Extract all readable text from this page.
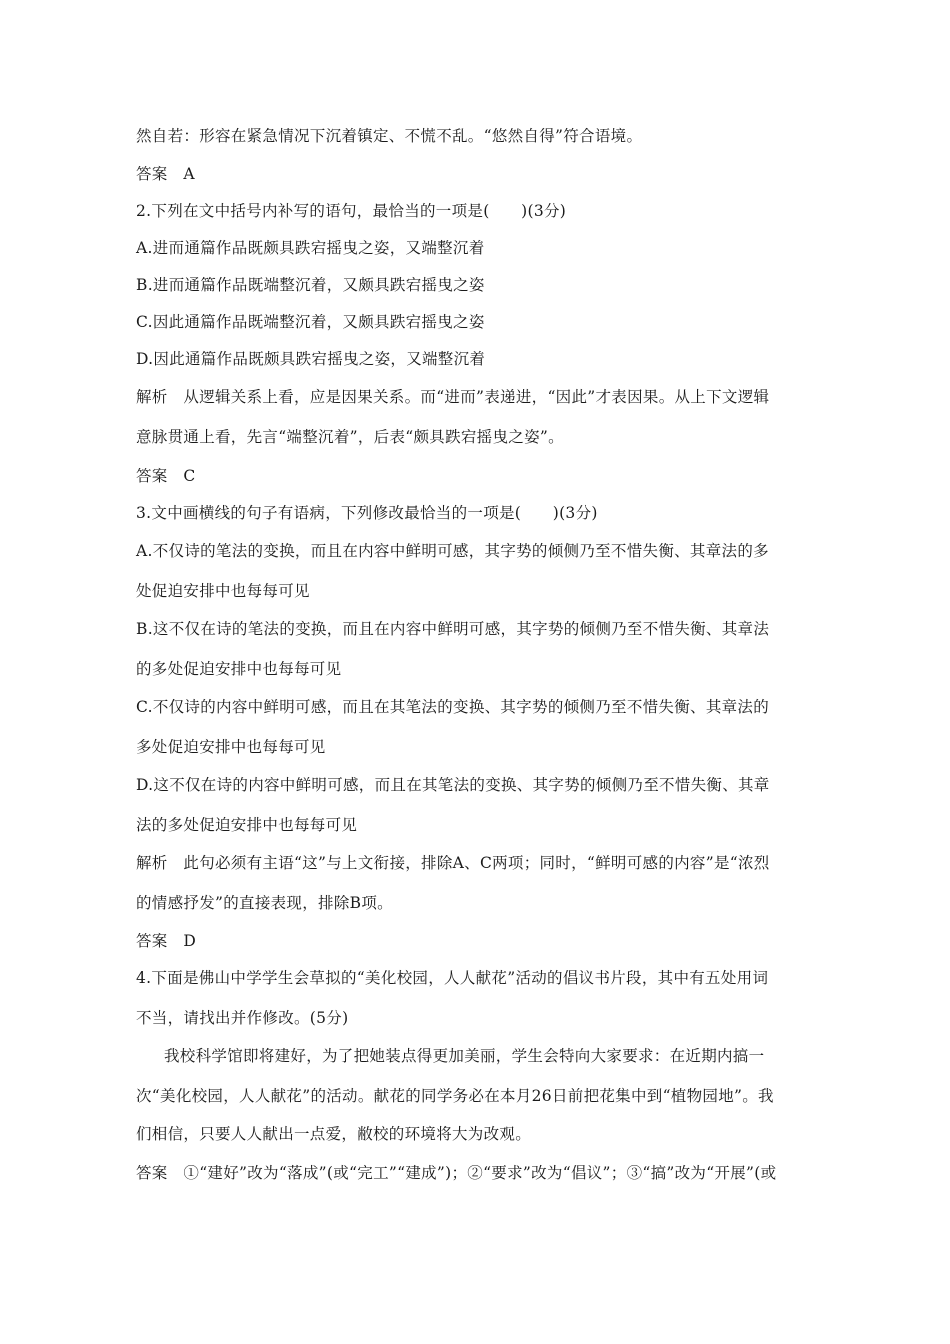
然自若：形容在紧急情况下沉着镇定、不慌不乱。“悠然自得”符合语境。
答案　A
2.下列在文中括号内补写的语句，最恰当的一项是(　　)(3分)
A.进而通篇作品既颇具跌宕摇曳之姿，又端整沉着
B.进而通篇作品既端整沉着，又颇具跌宕摇曳之姿
C.因此通篇作品既端整沉着，又颇具跌宕摇曳之姿
D.因此通篇作品既颇具跌宕摇曳之姿，又端整沉着
解析　从逻辑关系上看，应是因果关系。而“进而”表递进，“因此”才表因果。从上下文逻辑
意脉贯通上看，先言“端整沉着”，后表“颇具跌宕摇曳之姿”。
答案　C
3.文中画横线的句子有语病，下列修改最恰当的一项是(　　)(3分)
A.不仅诗的笔法的变换，而且在内容中鲜明可感，其字势的倾侧乃至不惜失衡、其章法的多
处促迫安排中也每每可见
B.这不仅在诗的笔法的变换，而且在内容中鲜明可感，其字势的倾侧乃至不惜失衡、其章法
的多处促迫安排中也每每可见
C.不仅诗的内容中鲜明可感，而且在其笔法的变换、其字势的倾侧乃至不惜失衡、其章法的
多处促迫安排中也每每可见
D.这不仅在诗的内容中鲜明可感，而且在其笔法的变换、其字势的倾侧乃至不惜失衡、其章
法的多处促迫安排中也每每可见
解析　此句必须有主语“这”与上文衔接，排除A、C两项；同时，“鲜明可感的内容”是“浓烈
的情感抒发”的直接表现，排除B项。
答案　D
4.下面是佛山中学学生会草拟的“美化校园，人人献花”活动的倡议书片段，其中有五处用词
不当，请找出并作修改。(5分)
我校科学馆即将建好，为了把她装点得更加美丽，学生会特向大家要求：在近期内搞一
次“美化校园，人人献花”的活动。献花的同学务必在本月26日前把花集中到“植物园地”。我
们相信，只要人人献出一点爱，敝校的环境将大为改观。
答案　①“建好”改为“落成”(或“完工”“建成”)；②“要求”改为“倡议”；③“搞”改为“开展”(或
